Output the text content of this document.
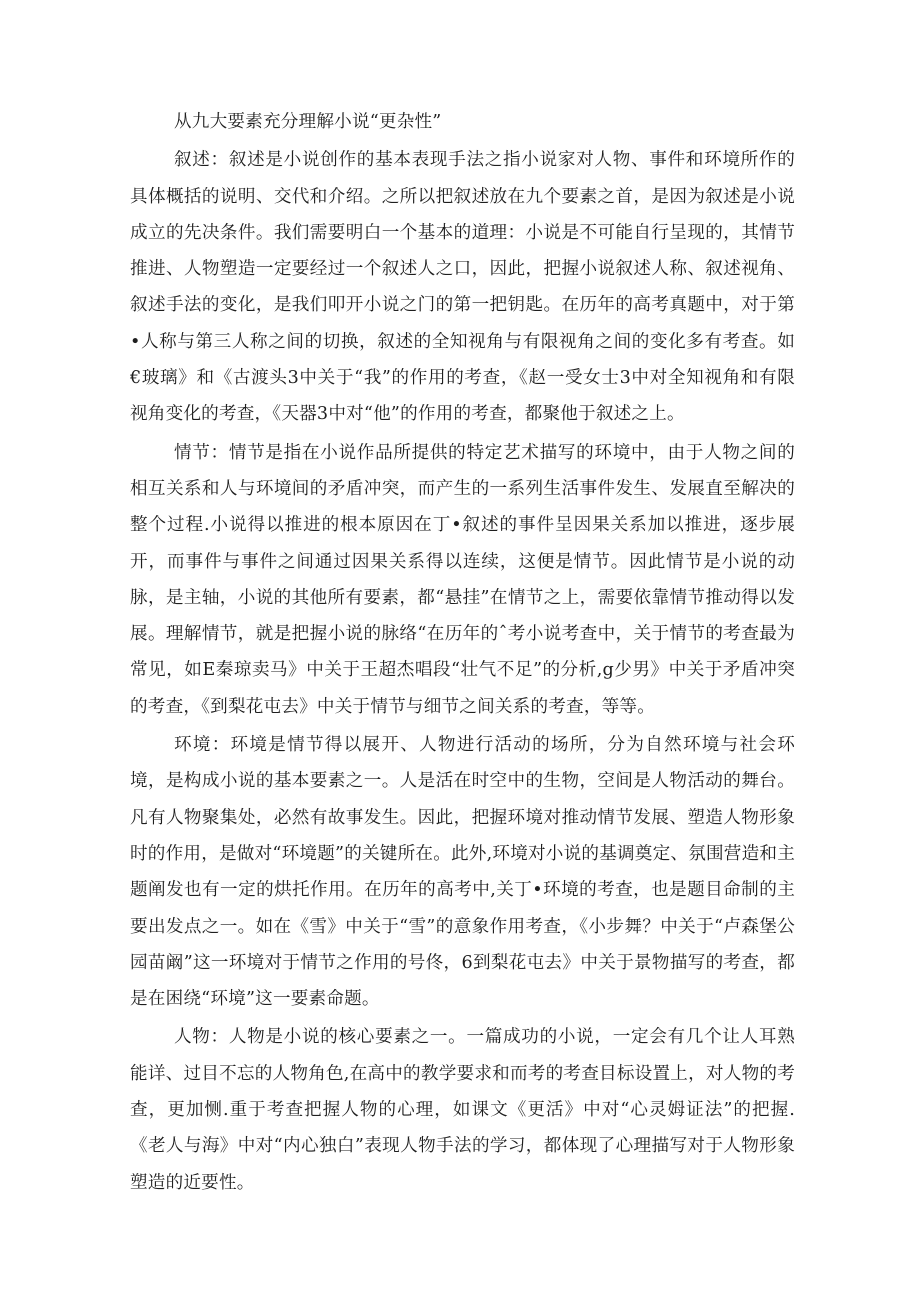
从九大要素充分理解小说“更杂性”

叙述：叙述是小说创作的基本表现手法之指小说家对人物、事件和环境所作的具体概括的说明、交代和介绍。之所以把叙述放在九个要素之首，是因为叙述是小说成立的先决条件。我们需要明白一个基本的道理：小说是不可能自行呈现的，其情节推进、人物塑造一定要经过一个叙述人之口，因此，把握小说叙述人称、叙述视角、叙述手法的变化，是我们叩开小说之门的第一把钥匙。在历年的高考真题中，对于第•人称与第三人称之间的切换，叙述的全知视角与有限视角之间的变化多有考查。如€玻璃》和《古渡头3中关于“我”的作用的考查，《赵一受女士3中对全知视角和有限视角变化的考查，《天器3中对“他”的作用的考查，都聚他于叙述之上。

情节：情节是指在小说作品所提供的特定艺术描写的环境中，由于人物之间的相互关系和人与环境间的矛盾冲突，而产生的一系列生活事件发生、发展直至解决的整个过程.小说得以推进的根本原因在丁•叙述的事件呈因果关系加以推进，逐步展开，而事件与事件之间通过因果关系得以连续，这便是情节。因此情节是小说的动脉，是主轴，小说的其他所有要素，都“悬挂”在情节之上，需要依靠情节推动得以发展。理解情节，就是把握小说的脉络“在历年的ˆ考小说考查中，关于情节的考查最为常见，如E秦琼卖马》中关于王超杰唱段“壮气不足”的分析,g少男》中关于矛盾冲突的考查，《到梨花屯去》中关于情节与细节之间关系的考查，等等。

环境：环境是情节得以展开、人物进行活动的场所，分为自然环境与社会环境，是构成小说的基本要素之一。人是活在时空中的生物，空间是人物活动的舞台。凡有人物聚集处，必然有故事发生。因此，把握环境对推动情节发展、塑造人物形象时的作用，是做对“环境题”的关键所在。此外,环境对小说的基调奠定、氛围营造和主题阐发也有一定的烘托作用。在历年的高考中,关丁•环境的考查，也是题目命制的主要出发点之一。如在《雪》中关于“雪”的意象作用考查，《小步舞？中关于“卢森堡公园苗阚”这一环境对于情节之作用的号佟，6到梨花屯去》中关于景物描写的考查，都是在困绕“环境”这一要素命题。

人物：人物是小说的核心要素之一。一篇成功的小说，一定会有几个让人耳熟能详、过目不忘的人物角色,在高中的教学要求和而考的考查目标设置上，对人物的考查，更加恻.重于考查把握人物的心理，如课文《更活》中对“心灵姆证法”的把握.《老人与海》中对“内心独白”表现人物手法的学习，都体现了心理描写对于人物形象塑造的近要性。
